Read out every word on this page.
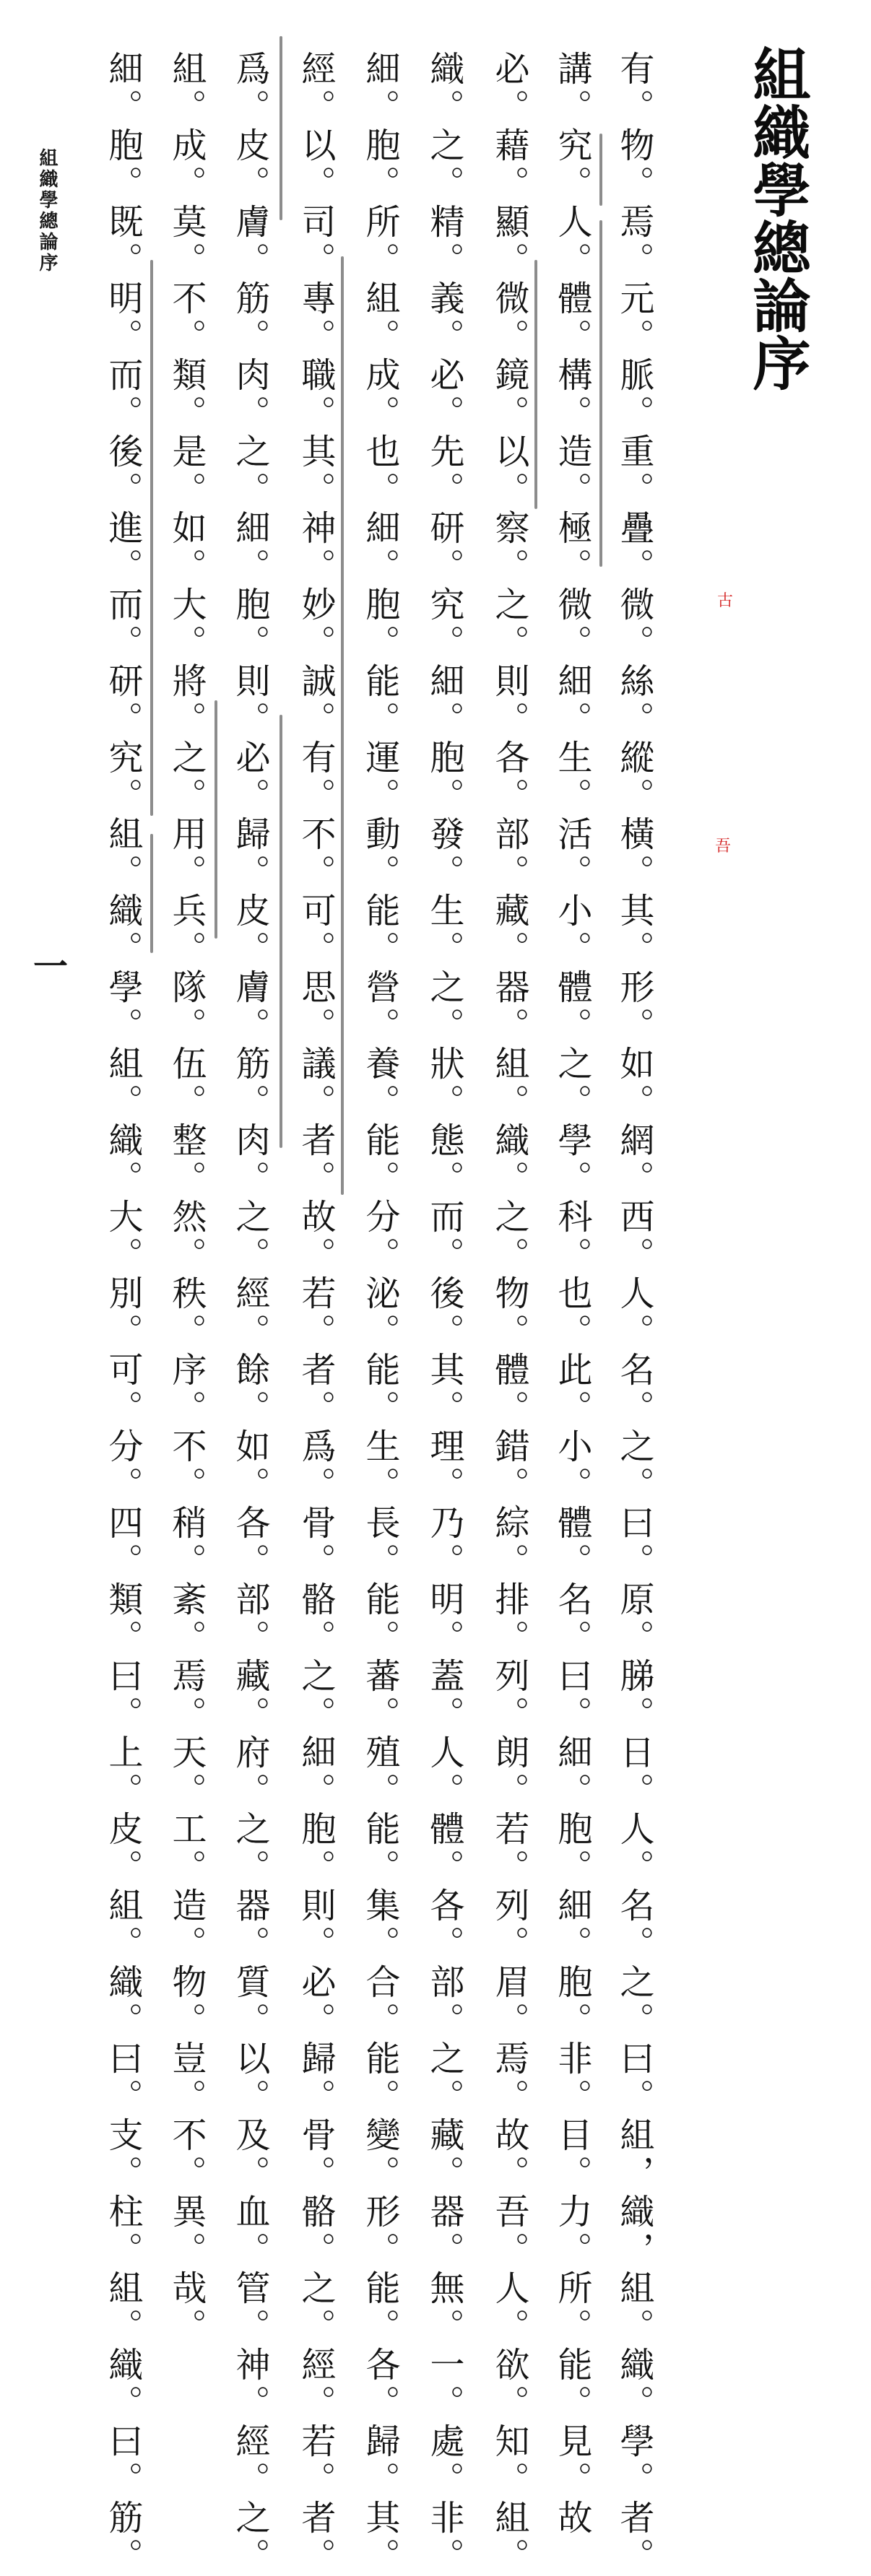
組織學總論序
有。物。焉。元。脈。重。疊。微。絲。縱。橫。其。形。如。網。西。人。名。之。曰。原。䏲。日。人。名。之。曰。組，織，組。織。學。者。
講。究。人。體。構。造。極。微。細。生。活。小。體。之。學。科。也。此。小。體。名。曰。細。胞。細。胞。非。目。力。所。能。見。故
必。藉。顯。微。鏡。以。察。之。則。各。部。藏。器。組。織。之。物。體。錯。綜。排。列。朗。若。列。眉。焉。故。吾。人。欲。知。組。
織。之。精。義。必。先。研。究。細。胞。發。生。之。狀。態。而。後。其。理。乃。明。蓋。人。體。各。部。之。藏。器。無。一。處。非。
細。胞。所。組。成。也。細。胞。能。運。動。能。營。養。能。分。泌。能。生。長。能。蕃。殖。能。集。合。能。變。形。能。各。歸。其。
經。以。司。專。職。其。神。妙。誠。有。不。可。思。議。者。故。若。者。爲。骨。骼。之。細。胞。則。必。歸。骨。骼。之。經。若。者。
爲。皮。膚。筋。肉。之。細。胞。則。必。歸。皮。膚。筋。肉。之。經。餘。如。各。部。藏。府。之。器。質。以。及。血。管。神。經。之。
組。成。莫。不。類。是。如。大。將。之。用。兵。隊。伍。整。然。秩。序。不。稍。紊。焉。天。工。造。物。豈。不。異。哉。
細。胞。既。明。而。後。進。而。研。究。組。織。學。組。織。大。別。可。分。四。類。曰。上。皮。組。織。曰。支。柱。組。織。曰。筋。	古
吾
組織學總論序
一
